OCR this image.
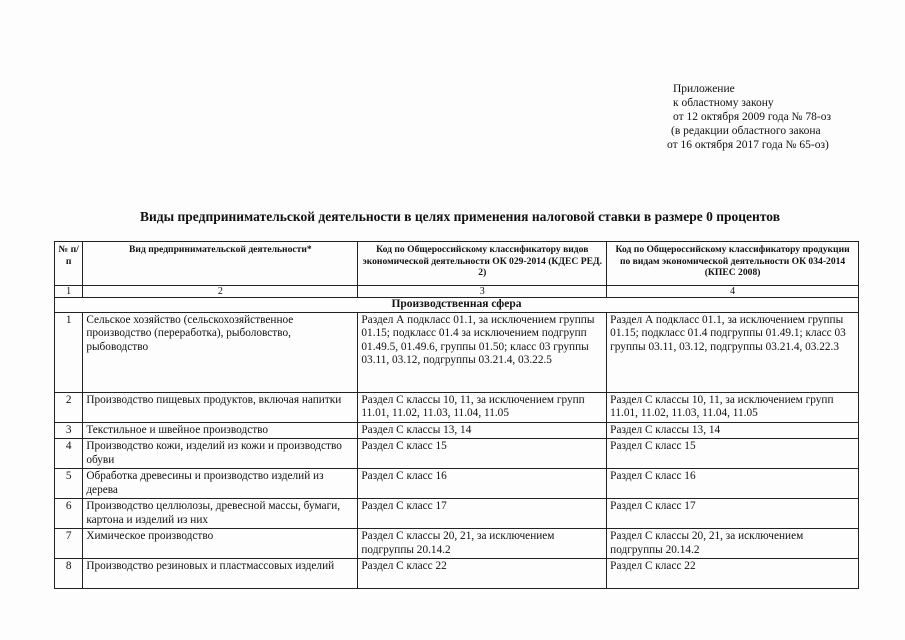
Приложение
к областному закону
от 12 октября 2009 года № 78-оз
(в редакции областного закона
от 16 октября 2017 года № 65-оз)
Виды предпринимательской деятельности в целях применения налоговой ставки в размере 0 процентов
№ п/п	Вид предпринимательской деятельности*	Код по Общероссийскому классификатору видов экономической деятельности ОК 029-2014 (КДЕС РЕД. 2)	Код по Общероссийскому классификатору продукции по видам экономической деятельности ОК 034-2014 (КПЕС 2008)
1	2	3	4
Производственная сфера			
1	Сельское хозяйство (сельскохозяйственное производство (переработка), рыболовство, рыбоводство	Раздел А подкласс 01.1, за исключением группы 01.15; подкласс 01.4 за исключением подгрупп 01.49.5, 01.49.6, группы 01.50; класс 03 группы 03.11, 03.12, подгруппы 03.21.4, 03.22.5	Раздел А подкласс 01.1, за исключением группы 01.15; подкласс 01.4 подгруппы 01.49.1; класс 03 группы 03.11, 03.12, подгруппы 03.21.4, 03.22.3
2	Производство пищевых продуктов, включая напитки	Раздел С классы 10, 11, за исключением групп 11.01, 11.02, 11.03, 11.04, 11.05	Раздел С классы 10, 11, за исключением групп 11.01, 11.02, 11.03, 11.04, 11.05
3	Текстильное и швейное производство	Раздел С классы 13, 14	Раздел С классы 13, 14
4	Производство кожи, изделий из кожи и производство обуви	Раздел С класс 15	Раздел С класс 15
5	Обработка древесины и производство изделий из дерева	Раздел С класс 16	Раздел С класс 16
6	Производство целлюлозы, древесной массы, бумаги, картона и изделий из них	Раздел С класс 17	Раздел С класс 17
7	Химическое производство	Раздел С классы 20, 21, за исключением подгруппы 20.14.2	Раздел С классы 20, 21, за исключением подгруппы 20.14.2
8	Производство резиновых и пластмассовых изделий	Раздел С класс 22	Раздел С класс 22
